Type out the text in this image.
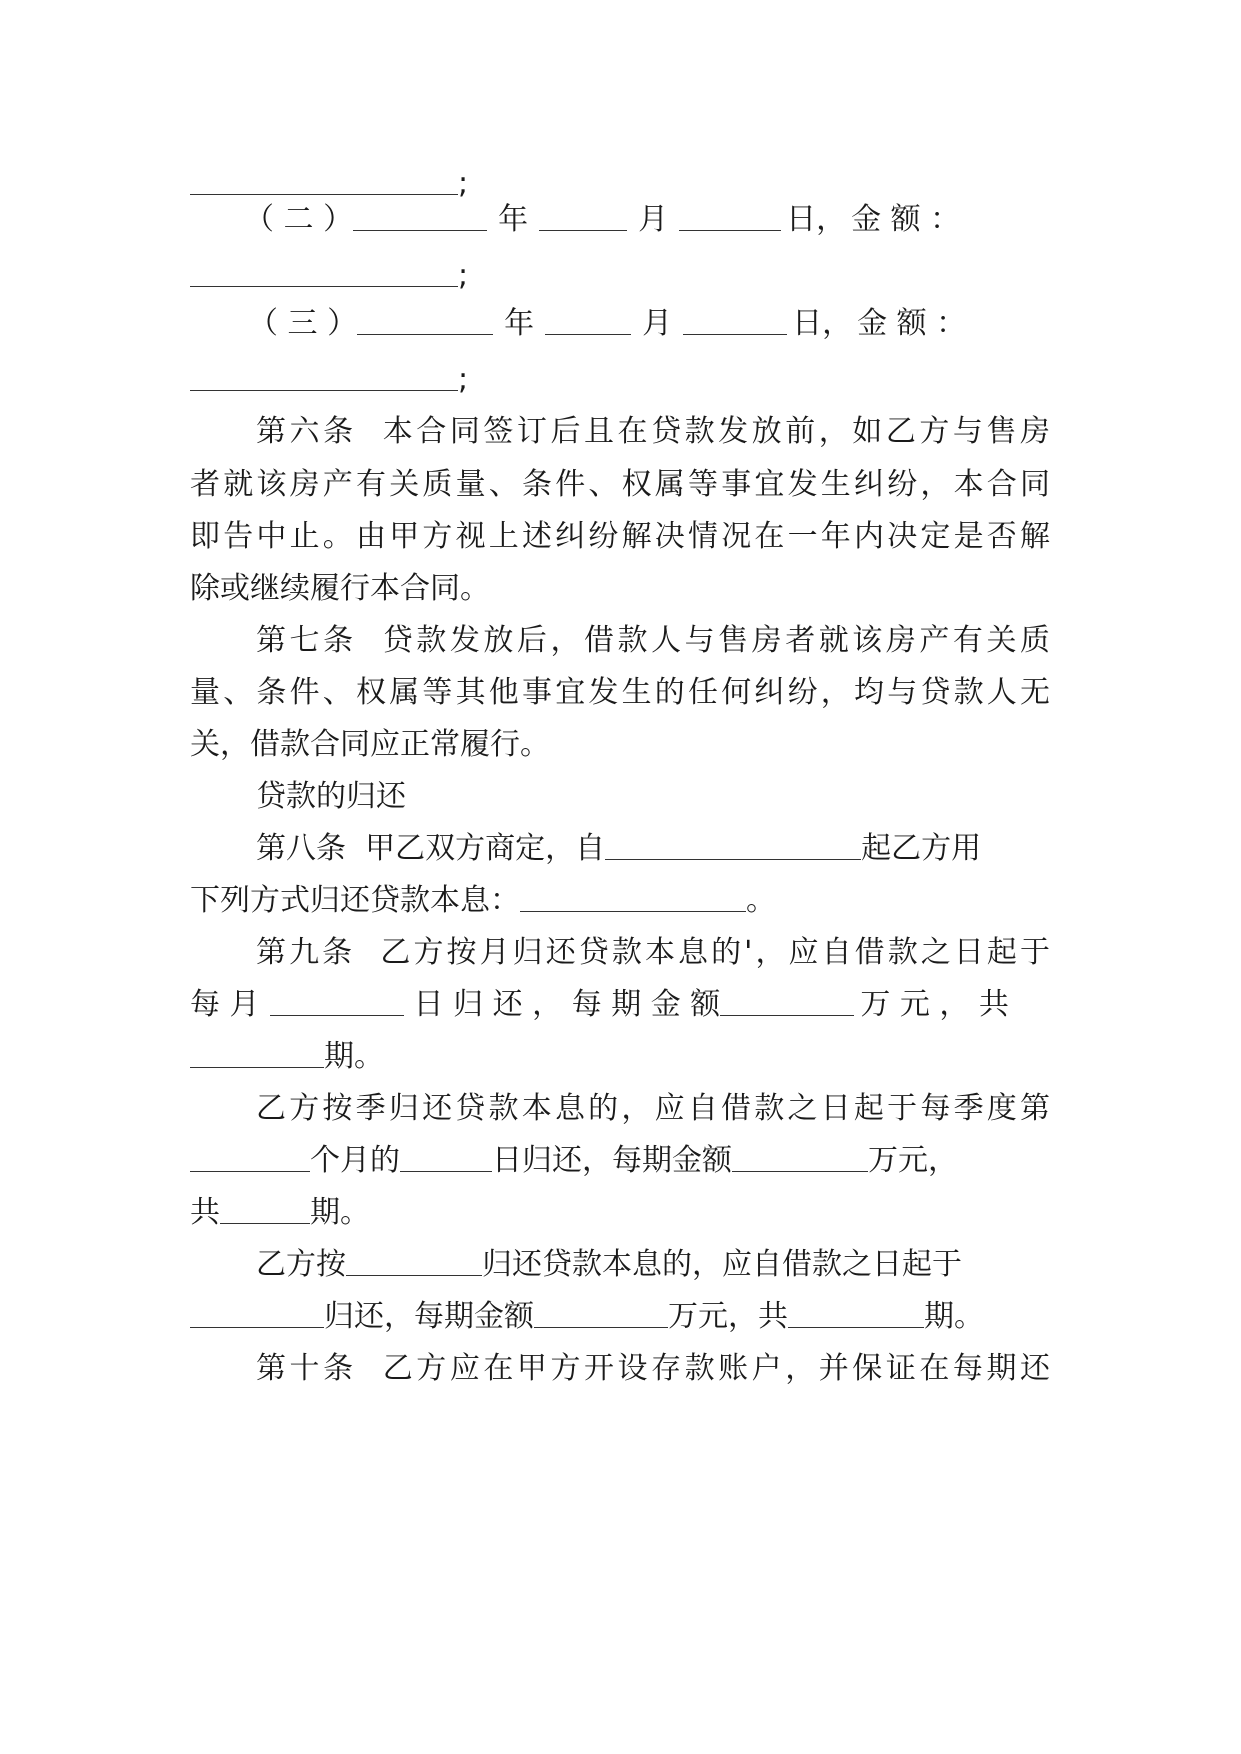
;
（ 二 ）	年	月	日， 金 额 ：
;
（ 三 ）	年	月	日， 金 额 ：
;
第六条  本合同签订后且在贷款发放前，如乙方与售房
者就该房产有关质量、条件、权属等事宜发生纠纷，本合同
即告中止。由甲方视上述纠纷解决情况在一年内决定是否解
除或继续履行本合同。
第七条  贷款发放后，借款人与售房者就该房产有关质
量、条件、权属等其他事宜发生的任何纠纷，均与贷款人无
关，借款合同应正常履行。
贷款的归还
第八条  甲乙双方商定，自	起乙方用
下列方式归还贷款本息：	。
第九条  乙方按月归还贷款本息的'，应自借款之日起于
每 月	日 归 还 ， 每 期 金 额	万 元 ， 共
期。
乙方按季归还贷款本息的，应自借款之日起于每季度第
个月的	日归还，每期金额	万元，
共	期。
乙方按	归还贷款本息的，应自借款之日起于
归还，每期金额	万元，共	期。
第十条  乙方应在甲方开设存款账户，并保证在每期还
